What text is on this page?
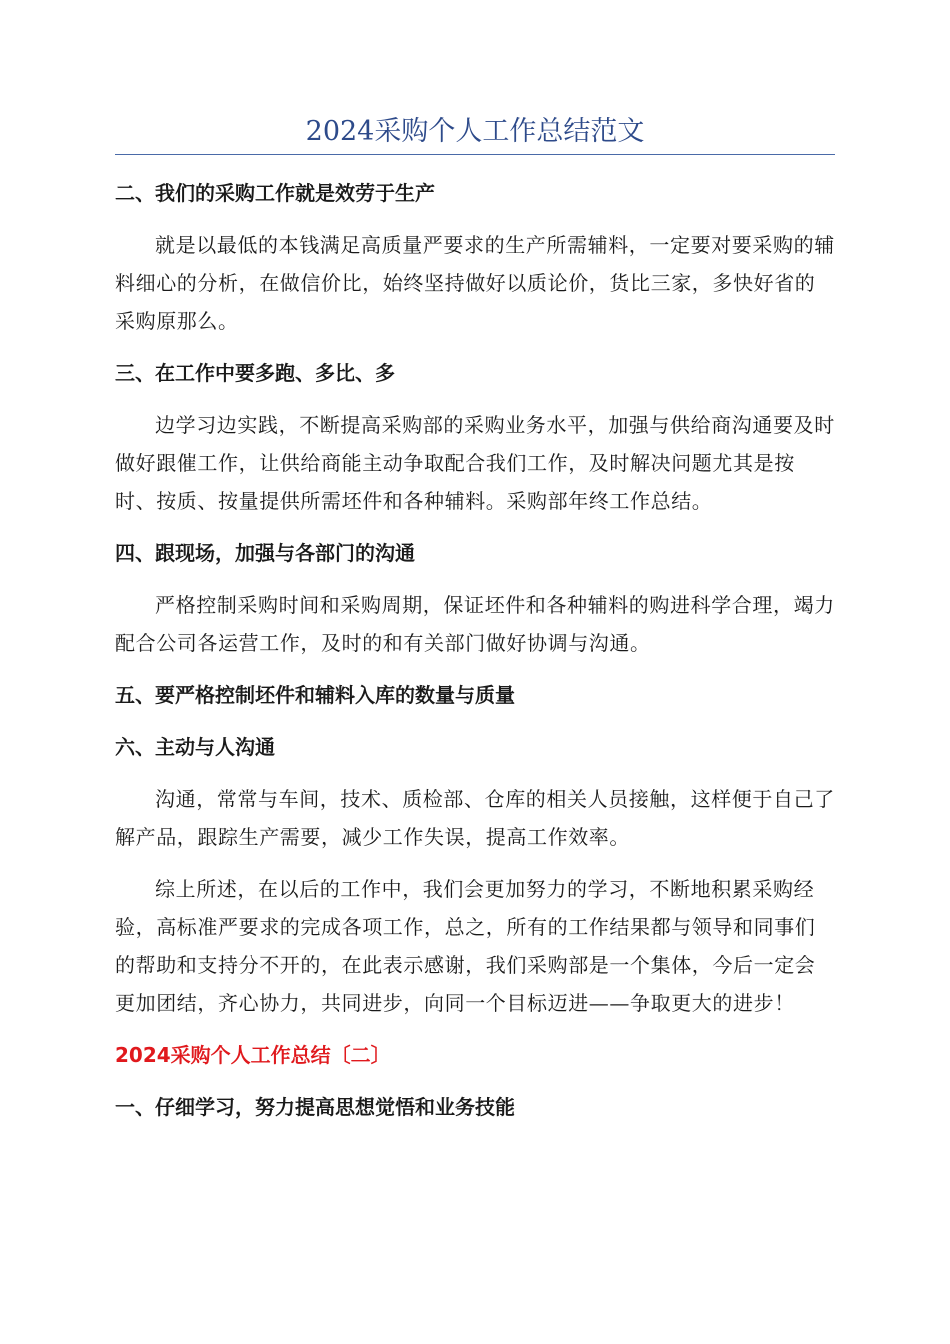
2024采购个人工作总结范文
二、我们的采购工作就是效劳于生产
就是以最低的本钱满足高质量严要求的生产所需辅料，一定要对要采购的辅料细心的分析，在做信价比，始终坚持做好以质论价，货比三家，多快好省的采购原那么。
三、在工作中要多跑、多比、多
边学习边实践，不断提高采购部的采购业务水平，加强与供给商沟通要及时做好跟催工作，让供给商能主动争取配合我们工作，及时解决问题尤其是按时、按质、按量提供所需坯件和各种辅料。采购部年终工作总结。
四、跟现场，加强与各部门的沟通
严格控制采购时间和采购周期，保证坯件和各种辅料的购进科学合理，竭力配合公司各运营工作，及时的和有关部门做好协调与沟通。
五、要严格控制坯件和辅料入库的数量与质量
六、主动与人沟通
沟通，常常与车间，技术、质检部、仓库的相关人员接触，这样便于自己了解产品，跟踪生产需要，减少工作失误，提高工作效率。
综上所述，在以后的工作中，我们会更加努力的学习，不断地积累采购经验，高标准严要求的完成各项工作，总之，所有的工作结果都与领导和同事们的帮助和支持分不开的，在此表示感谢，我们采购部是一个集体，今后一定会更加团结，齐心协力，共同进步，向同一个目标迈进——争取更大的进步！
2024采购个人工作总结〔二〕
一、仔细学习，努力提高思想觉悟和业务技能
